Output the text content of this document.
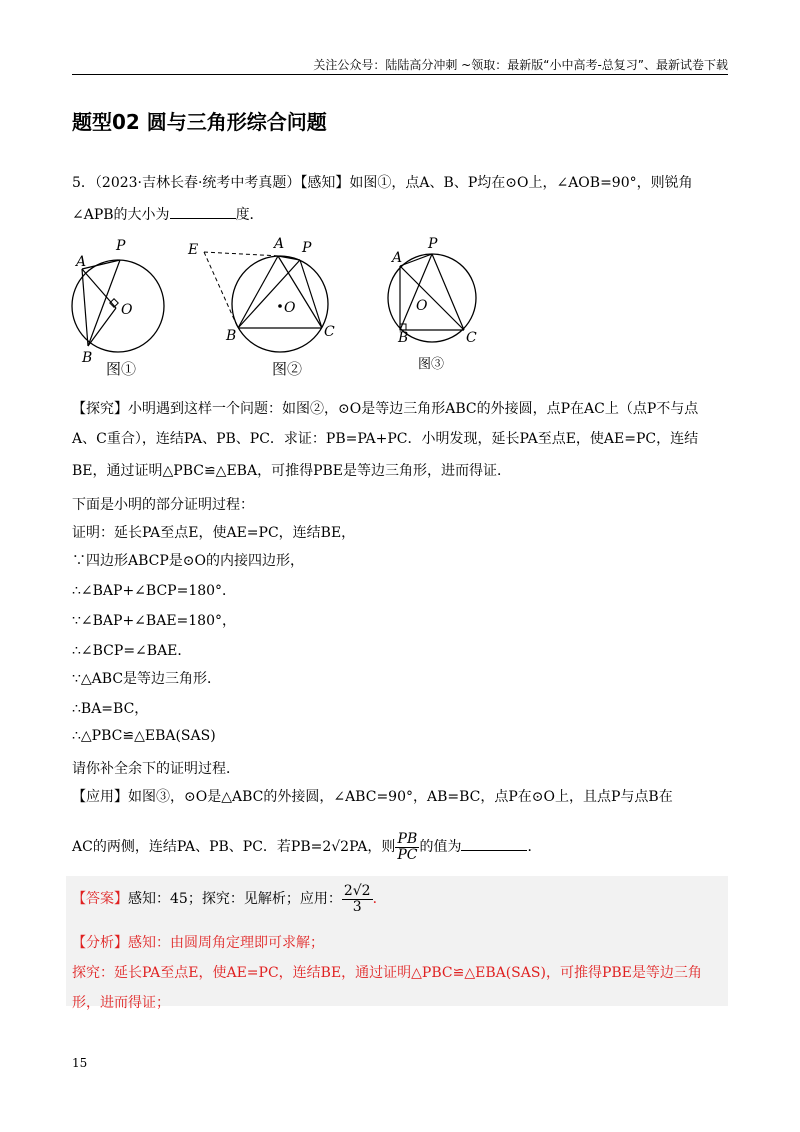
关注公众号：陆陆高分冲刺 ~领取：最新版“小中高考-总复习”、最新试卷下载
题型02 圆与三角形综合问题
5．（2023·吉林长春·统考中考真题）【感知】如图①，点A、B、P均在⊙O上，∠AOB=90°，则锐角
∠APB的大小为	度．
P
A
O
B
图①
E	A P
O
B	C
图②
P
A
O
B	C
图③
【探究】小明遇到这样一个问题：如图②，⊙O是等边三角形ABC的外接圆，点P在AC上（点P不与点
A、C重合），连结PA、PB、PC．求证：PB=PA+PC．小明发现，延长PA至点E，使AE=PC，连结
BE，通过证明△PBC≌△EBA，可推得PBE是等边三角形，进而得证．
下面是小明的部分证明过程：
证明：延长PA至点E，使AE=PC，连结BE，
∵四边形ABCP是⊙O的内接四边形，
∴∠BAP+∠BCP=180°．
∵∠BAP+∠BAE=180°，
∴∠BCP=∠BAE．
∵△ABC是等边三角形．
∴BA=BC，
∴△PBC≌△EBA(SAS)
请你补全余下的证明过程．
【应用】如图③，⊙O是△ABC的外接圆，∠ABC=90°，AB=BC，点P在⊙O上，且点P与点B在
AC的两侧，连结PA、PB、PC．若PB=2√2PA，则 $\frac{PB}{PC}$ 的值为	．
【答案】感知：45；探究：见解析；应用： $\frac{2√2}{3}$ ．
【分析】感知：由圆周角定理即可求解；
探究：延长PA至点E，使AE=PC，连结BE，通过证明△PBC≌△EBA(SAS)，可推得PBE是等边三角
形，进而得证；
15
